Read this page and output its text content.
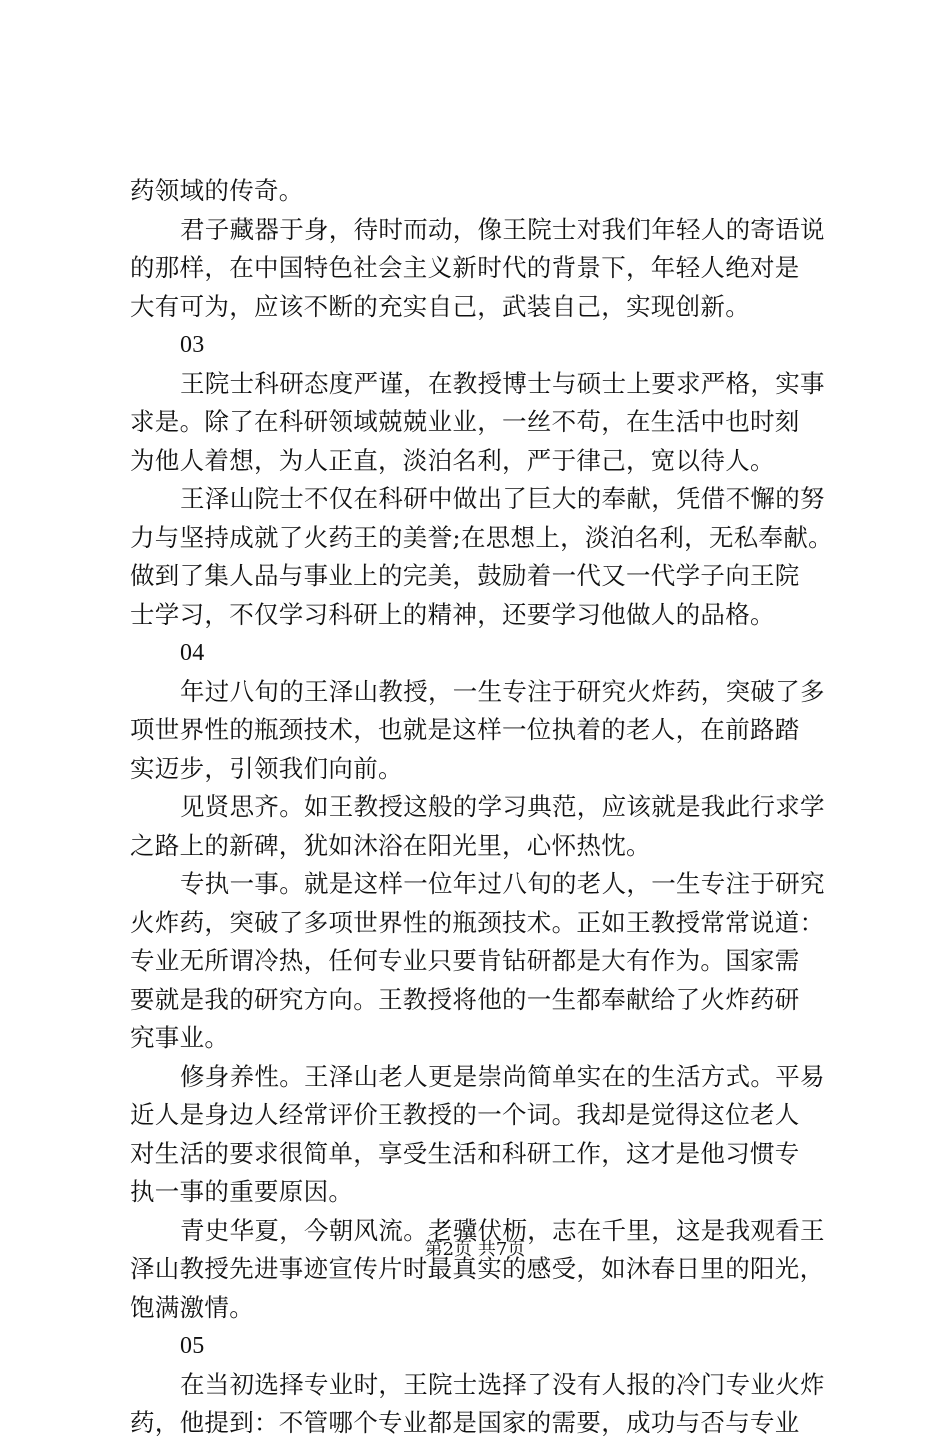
药领域的传奇。
君子藏器于身，待时而动，像王院士对我们年轻人的寄语说
的那样，在中国特色社会主义新时代的背景下，年轻人绝对是
大有可为，应该不断的充实自己，武装自己，实现创新。
03
王院士科研态度严谨，在教授博士与硕士上要求严格，实事
求是。除了在科研领域兢兢业业，一丝不苟，在生活中也时刻
为他人着想，为人正直，淡泊名利，严于律己，宽以待人。
王泽山院士不仅在科研中做出了巨大的奉献，凭借不懈的努
力与坚持成就了火药王的美誉;在思想上，淡泊名利，无私奉献。
做到了集人品与事业上的完美，鼓励着一代又一代学子向王院
士学习，不仅学习科研上的精神，还要学习他做人的品格。
04
年过八旬的王泽山教授，一生专注于研究火炸药，突破了多
项世界性的瓶颈技术，也就是这样一位执着的老人，在前路踏
实迈步，引领我们向前。
见贤思齐。如王教授这般的学习典范，应该就是我此行求学
之路上的新碑，犹如沐浴在阳光里，心怀热忱。
专执一事。就是这样一位年过八旬的老人，一生专注于研究
火炸药，突破了多项世界性的瓶颈技术。正如王教授常常说道：
专业无所谓冷热，任何专业只要肯钻研都是大有作为。国家需
要就是我的研究方向。王教授将他的一生都奉献给了火炸药研
究事业。
修身养性。王泽山老人更是崇尚简单实在的生活方式。平易
近人是身边人经常评价王教授的一个词。我却是觉得这位老人
对生活的要求很简单，享受生活和科研工作，这才是他习惯专
执一事的重要原因。
青史华夏，今朝风流。老骥伏枥，志在千里，这是我观看王
泽山教授先进事迹宣传片时最真实的感受，如沐春日里的阳光，
饱满激情。
05
在当初选择专业时，王院士选择了没有人报的冷门专业火炸
药，他提到：不管哪个专业都是国家的需要，成功与否与专业
第2页 共7页
